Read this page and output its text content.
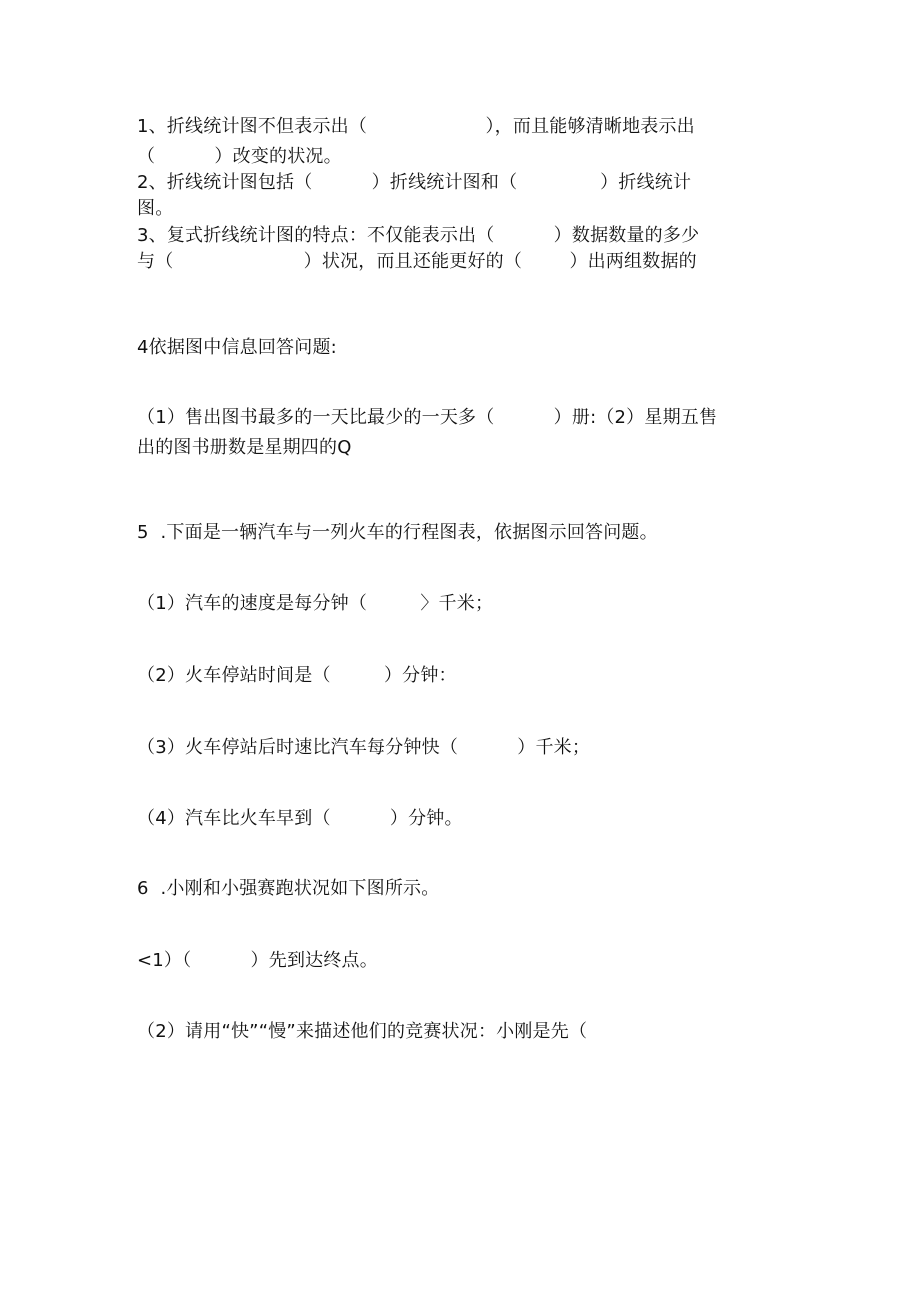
1、折线统计图不但表示出（                    ），而且能够清晰地表示出
（          ）改变的状况。
2、折线统计图包括（          ）折线统计图和（              ）折线统计
图。
3、复式折线统计图的特点：不仅能表示出（          ）数据数量的多少
与（                      ）状况，而且还能更好的（        ）出两组数据的
4依据图中信息回答问题:
（1）售出图书最多的一天比最少的一天多（          ）册:（2）星期五售
出的图书册数是星期四的Q
5  .下面是一辆汽车与一列火车的行程图表，依据图示回答问题。
（1）汽车的速度是每分钟（         〉千米；
（2）火车停站时间是（         ）分钟：
（3）火车停站后时速比汽车每分钟快（          ）千米；
（4）汽车比火车早到（          ）分钟。
6  .小刚和小强赛跑状况如下图所示。
<1）（          ）先到达终点。
（2）请用“快”“慢”来描述他们的竞赛状况：小刚是先（
